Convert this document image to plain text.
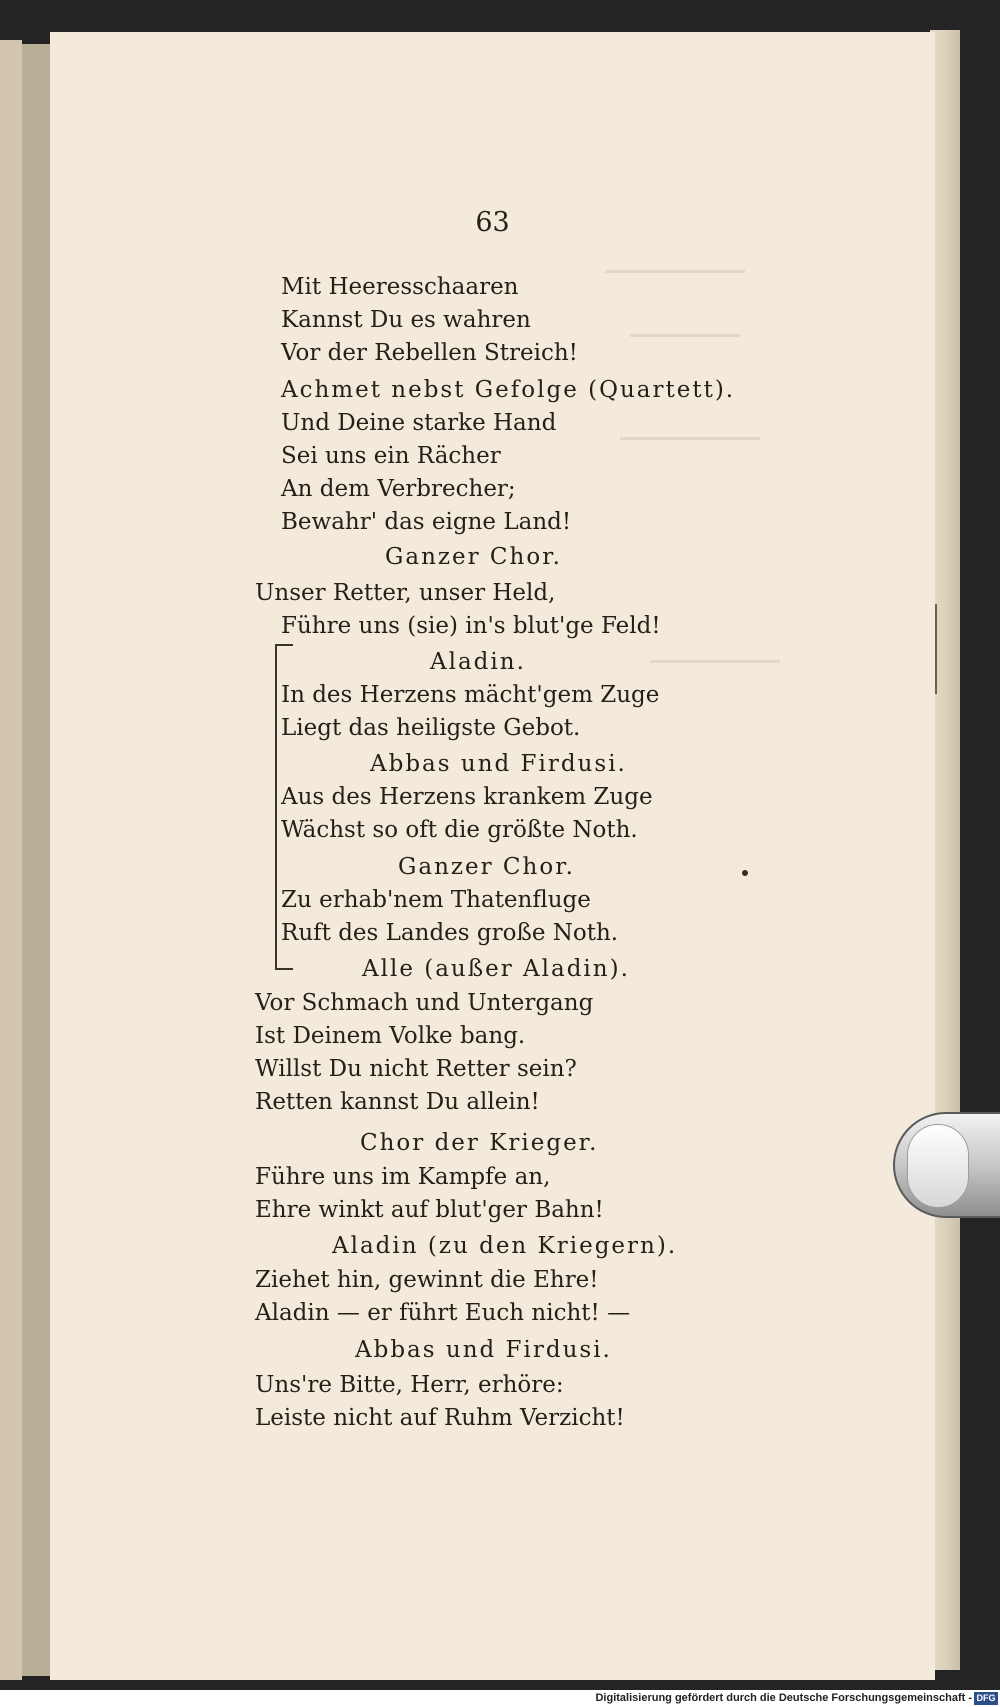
63
Mit Heeresschaaren
Kannst Du es wahren
Vor der Rebellen Streich!
Achmet nebst Gefolge (Quartett).
Und Deine starke Hand
Sei uns ein Rächer
An dem Verbrecher;
Bewahr' das eigne Land!
Ganzer Chor.
Unser Retter, unser Held,
Führe uns (sie) in's blut'ge Feld!
Aladin.
In des Herzens mächt'gem Zuge
Liegt das heiligste Gebot.
Abbas und Firdusi.
Aus des Herzens krankem Zuge
Wächst so oft die größte Noth.
Ganzer Chor.
Zu erhab'nem Thatenfluge
Ruft des Landes große Noth.
Alle (außer Aladin).
Vor Schmach und Untergang
Ist Deinem Volke bang.
Willst Du nicht Retter sein?
Retten kannst Du allein!
Chor der Krieger.
Führe uns im Kampfe an,
Ehre winkt auf blut'ger Bahn!
Aladin (zu den Kriegern).
Ziehet hin, gewinnt die Ehre!
Aladin — er führt Euch nicht! —
Abbas und Firdusi.
Uns're Bitte, Herr, erhöre:
Leiste nicht auf Ruhm Verzicht!
Digitalisierung gefördert durch die Deutsche Forschungsgemeinschaft - DFG
